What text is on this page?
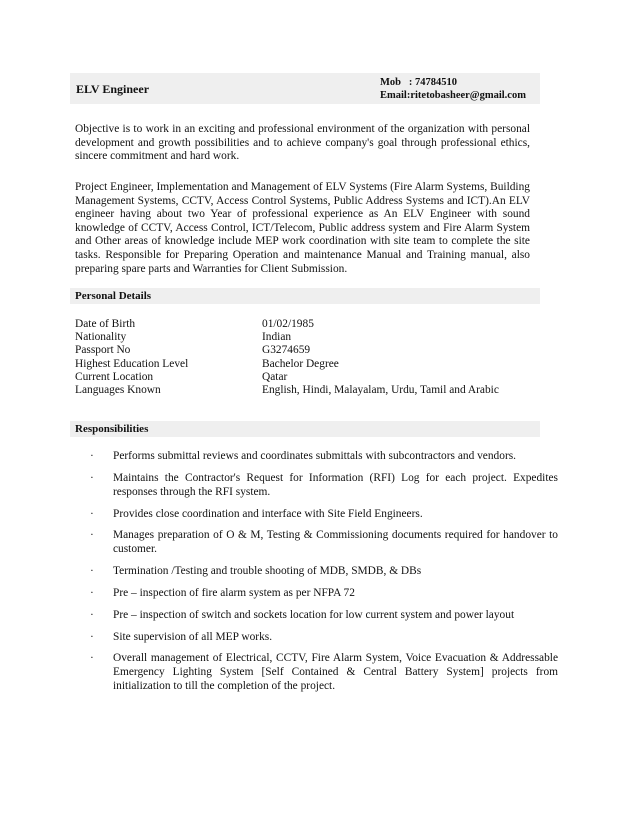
ELV Engineer	Mob   : 74784510
Email:ritetobasheer@gmail.com

Objective is to work in an exciting and professional environment of the organization with personal development and growth possibilities and to achieve company's goal through professional ethics, sincere commitment and hard work.

Project Engineer, Implementation and Management of ELV Systems (Fire Alarm Systems, Building Management Systems, CCTV, Access Control Systems, Public Address Systems and ICT).An ELV engineer having about two Year of professional experience as An ELV Engineer with sound knowledge of CCTV, Access Control, ICT/Telecom, Public address system and Fire Alarm System and Other areas of knowledge include MEP work coordination with site team to complete the site tasks. Responsible for Preparing Operation and maintenance Manual and Training manual, also preparing spare parts and Warranties for Client Submission.

Personal Details
Date of Birth	01/02/1985
Nationality	Indian
Passport No	G3274659
Highest Education Level	Bachelor Degree
Current Location	Qatar
Languages Known	English, Hindi, Malayalam, Urdu, Tamil and Arabic
Responsibilities
· Performs submittal reviews and coordinates submittals with subcontractors and vendors.
· Maintains the Contractor's Request for Information (RFI) Log for each project. Expedites responses through the RFI system.
· Provides close coordination and interface with Site Field Engineers.
· Manages preparation of O & M, Testing & Commissioning documents required for handover to customer.
· Termination /Testing and trouble shooting of MDB, SMDB, & DBs
· Pre – inspection of fire alarm system as per NFPA 72
· Pre – inspection of switch and sockets location for low current system and power layout
· Site supervision of all MEP works.
· Overall management of Electrical, CCTV, Fire Alarm System, Voice Evacuation & Addressable Emergency Lighting System [Self Contained & Central Battery System] projects from initialization to till the completion of the project.
